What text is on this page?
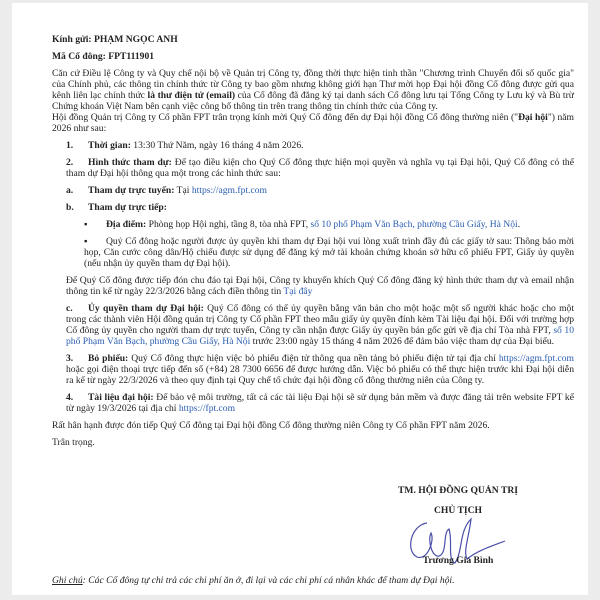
Kính gửi: PHẠM NGỌC ANH

Mã Cổ đông: FPT111901

Căn cứ Điều lệ Công ty và Quy chế nội bộ về Quản trị Công ty, đồng thời thực hiện tinh thần "Chương trình Chuyển đổi số quốc gia" của Chính phủ, các thông tin chính thức từ Công ty bao gồm nhưng không giới hạn Thư mời họp Đại hội đồng Cổ đông được gửi qua kênh liên lạc chính thức là thư điện tử (email) của Cổ đông đã đăng ký tại danh sách Cổ đông lưu tại Tổng Công ty Lưu ký và Bù trừ Chứng khoán Việt Nam bên cạnh việc công bố thông tin trên trang thông tin chính thức của Công ty.

Hội đồng Quản trị Công ty Cổ phần FPT trân trọng kính mời Quý Cổ đông đến dự Đại hội đồng Cổ đông thường niên ("Đại hội") năm 2026 như sau:

1. Thời gian: 13:30 Thứ Năm, ngày 16 tháng 4 năm 2026.

2. Hình thức tham dự: Để tạo điều kiện cho Quý Cổ đông thực hiện mọi quyền và nghĩa vụ tại Đại hội, Quý Cổ đông có thể tham dự Đại hội thông qua một trong các hình thức sau:

a. Tham dự trực tuyến: Tại https://agm.fpt.com

b. Tham dự trực tiếp:

▪ Địa điểm: Phòng họp Hội nghị, tầng 8, tòa nhà FPT, số 10 phố Phạm Văn Bạch, phường Cầu Giấy, Hà Nội.

▪ Quý Cổ đông hoặc người được ủy quyền khi tham dự Đại hội vui lòng xuất trình đầy đủ các giấy tờ sau: Thông báo mời họp, Căn cước công dân/Hộ chiếu được sử dụng để đăng ký mở tài khoản chứng khoán sở hữu cổ phiếu FPT, Giấy ủy quyền (nếu nhận ủy quyền tham dự Đại hội).

Để Quý Cổ đông được tiếp đón chu đáo tại Đại hội, Công ty khuyến khích Quý Cổ đông đăng ký hình thức tham dự và email nhận thông tin kể từ ngày 22/3/2026 bằng cách điền thông tin Tại đây

c. Ủy quyền tham dự Đại hội: Quý Cổ đông có thể ủy quyền bằng văn bản cho một hoặc một số người khác hoặc cho một trong các thành viên Hội đồng quản trị Công ty Cổ phần FPT theo mẫu giấy ủy quyền đính kèm Tài liệu đại hội. Đối với trường hợp Cổ đông ủy quyền cho người tham dự trực tuyến, Công ty cần nhận được Giấy ủy quyền bản gốc gửi về địa chỉ Tòa nhà FPT, số 10 phố Phạm Văn Bạch, phường Cầu Giấy, Hà Nội trước 23:00 ngày 15 tháng 4 năm 2026 để đảm bảo việc tham dự của Đại biểu.

3. Bỏ phiếu: Quý Cổ đông thực hiện việc bỏ phiếu điện tử thông qua nền tảng bỏ phiếu điện tử tại địa chỉ https://agm.fpt.com hoặc gọi điện thoại trực tiếp đến số (+84) 28 7300 6656 để được hướng dẫn. Việc bỏ phiếu có thể thực hiện trước khi Đại hội diễn ra kể từ ngày 22/3/2026 và theo quy định tại Quy chế tổ chức đại hội đồng cổ đông thường niên của Công ty.

4. Tài liệu đại hội: Để bảo vệ môi trường, tất cả các tài liệu Đại hội sẽ sử dụng bản mềm và được đăng tải trên website FPT kể từ ngày 19/3/2026 tại địa chỉ https://fpt.com

Rất hân hạnh được đón tiếp Quý Cổ đông tại Đại hội đồng Cổ đông thường niên Công ty Cổ phần FPT năm 2026.

Trân trọng.

TM. HỘI ĐỒNG QUẢN TRỊ
CHỦ TỊCH
Trương Gia Bình
Ghi chú: Các Cổ đông tự chi trả các chi phí ăn ở, đi lại và các chi phí cá nhân khác để tham dự Đại hội.
